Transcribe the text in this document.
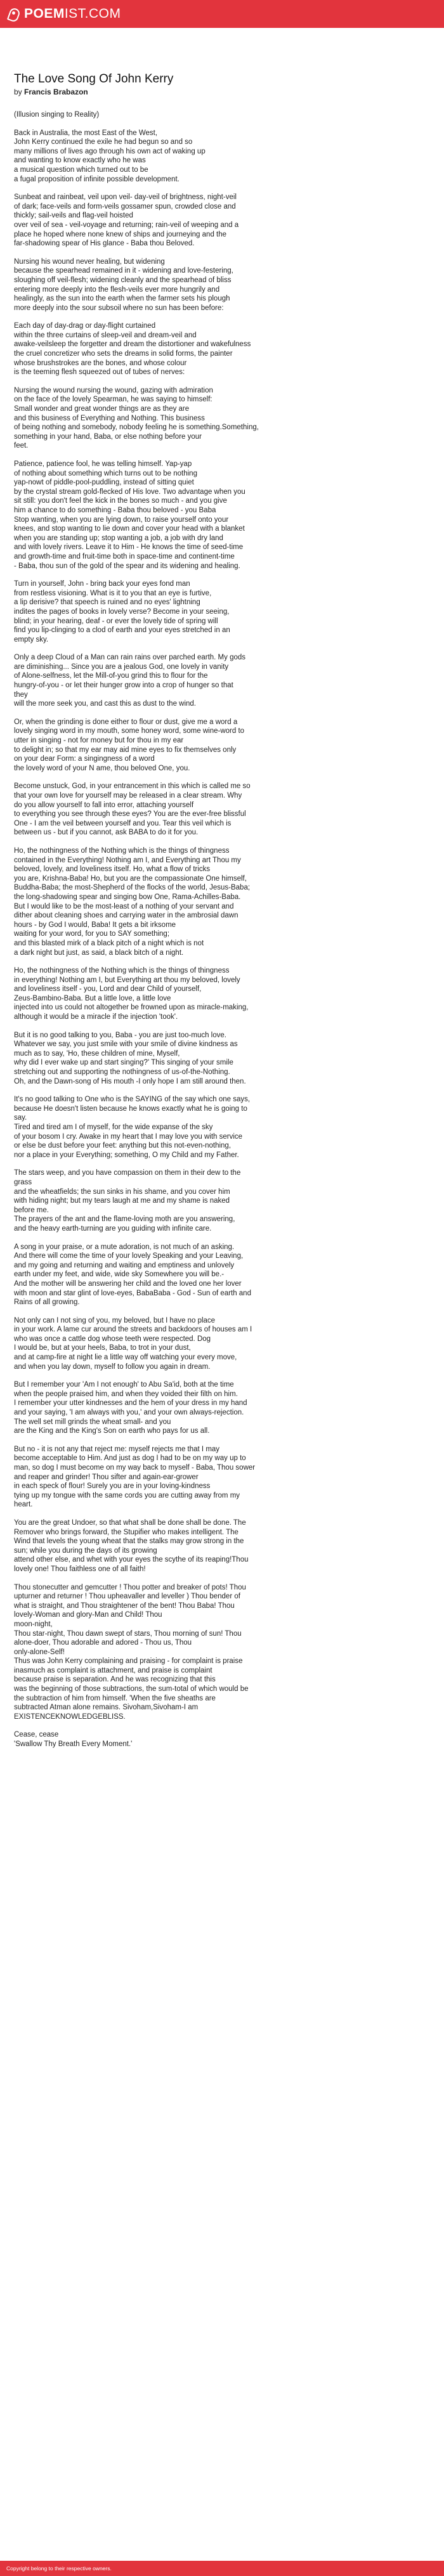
POEMIST.COM
The Love Song Of John Kerry
by Francis Brabazon
(Illusion singing to Reality)
Back in Australia, the most East of the West,
John Kerry continued the exile he had begun so and so
many millions of lives ago through his own act of waking up
and wanting to know exactly who he was
a musical question which turned out to be
a fugal proposition of infinite possible development.
Sunbeat and rainbeat, veil upon veil- day-veil of brightness, night-veil
of dark; face-veils and form-veils gossamer spun, crowded close and
thickly; sail-veils and flag-veil hoisted
over veil of sea - veil-voyage and returning; rain-veil of weeping and a
place he hoped where none knew of ships and journeying and the
far-shadowing spear of His glance - Baba thou Beloved.
Nursing his wound never healing, but widening
because the spearhead remained in it - widening and love-festering,
sloughing off veil-flesh; widening cleanly and the spearhead of bliss
entering more deeply into the flesh-veils ever more hungrily and
healingly, as the sun into the earth when the farmer sets his plough
more deeply into the sour subsoil where no sun has been before:
Each day of day-drag or day-flight curtained
within the three curtains of sleep-veil and dream-veil and
awake-veilsleep the forgetter and dream the distortioner and wakefulness
the cruel concretizer who sets the dreams in solid forms, the painter
whose brushstrokes are the bones, and whose colour
is the teeming flesh squeezed out of tubes of nerves:
Nursing the wound nursing the wound, gazing with admiration
on the face of the lovely Spearman, he was saying to himself:
Small wonder and great wonder things are as they are
and this business of Everything and Nothing. This business
of being nothing and somebody, nobody feeling he is something.Something,
something in your hand, Baba, or else nothing before your
feet.
Patience, patience fool, he was telling himself. Yap-yap
of nothing about something which turns out to be nothing
yap-nowt of piddle-pool-puddling, instead of sitting quiet
by the crystal stream gold-flecked of His love. Two advantage when you
sit still: you don't feel the kick in the bones so much - and you give
him a chance to do something - Baba thou beloved - you Baba
Stop wanting, when you are lying down, to raise yourself onto your
knees, and stop wanting to lie down and cover your head with a blanket
when you are standing up; stop wanting a job, a job with dry land
and with lovely rivers. Leave it to Him - He knows the time of seed-time
and growth-time and fruit-time both in space-time and continent-time
- Baba, thou sun of the gold of the spear and its widening and healing.
Turn in yourself, John - bring back your eyes fond man
from restless visioning. What is it to you that an eye is furtive,
a lip derisive? that speech is ruined and no eyes' lightning
indites the pages of books in lovely verse? Become in your seeing,
blind; in your hearing, deaf - or ever the lovely tide of spring will
find you lip-clinging to a clod of earth and your eyes stretched in an
empty sky.
Only a deep Cloud of a Man can rain rains over parched earth. My gods
are diminishing... Since you are a jealous God, one lovely in vanity
of Alone-selfness, let the Mill-of-you grind this to flour for the
hungry-of-you - or let their hunger grow into a crop of hunger so that
they
will the more seek you, and cast this as dust to the wind.
Or, when the grinding is done either to flour or dust, give me a word a
lovely singing word in my mouth, some honey word, some wine-word to
utter in singing - not for money but for thou in my ear
to delight in; so that my ear may aid mine eyes to fix themselves only
on your dear Form: a singingness of a word
the lovely word of your N ame, thou beloved One, you.
Become unstuck, God, in your entrancement in this which is called me so
that your own love for yourself may be released in a clear stream. Why
do you allow yourself to fall into error, attaching yourself
to everything you see through these eyes? You are the ever-free blissful
One - I am the veil between yourself and you. Tear this veil which is
between us - but if you cannot, ask BABA to do it for you.
Ho, the nothingness of the Nothing which is the things of thingness
contained in the Everything! Nothing am I, and Everything art Thou my
beloved, lovely, and loveliness itself. Ho, what a flow of tricks
you are, Krishna-Baba! Ho, but you are the compassionate One himself,
Buddha-Baba; the most-Shepherd of the flocks of the world, Jesus-Baba;
the long-shadowing spear and singing bow One, Rama-Achilles-Baba.
But I would like to be the most-least of a nothing of your servant and
dither about cleaning shoes and carrying water in the ambrosial dawn
hours - by God I would, Baba! It gets a bit irksome
waiting for your word, for you to SAY something;
and this blasted mirk of a black pitch of a night which is not
a dark night but just, as said, a black bitch of a night.
Ho, the nothingness of the Nothing which is the things of thingness
in everything! Nothing am I, but Everything art thou my beloved, lovely
and loveliness itself - you, Lord and dear Child of yourself,
Zeus-Bambino-Baba. But a little love, a little love
injected into us could not altogether be frowned upon as miracle-making,
although it would be a miracle if the injection 'took'.
But it is no good talking to you, Baba - you are just too-much love.
Whatever we say, you just smile with your smile of divine kindness as
much as to say, 'Ho, these children of mine, Myself,
why did I ever wake up and start singing?' This singing of your smile
stretching out and supporting the nothingness of us-of-the-Nothing.
Oh, and the Dawn-song of His mouth -I only hope I am still around then.
It's no good talking to One who is the SAYING of the say which one says,
because He doesn't listen because he knows exactly what he is going to
say.
Tired and tired am I of myself, for the wide expanse of the sky
of your bosom I cry. Awake in my heart that I may love you with service
or else be dust before your feet: anything but this not-even-nothing,
nor a place in your Everything; something, O my Child and my Father.
The stars weep, and you have compassion on them in their dew to the
grass
and the wheatfields; the sun sinks in his shame, and you cover him
with hiding night; but my tears laugh at me and my shame is naked
before me.
The prayers of the ant and the flame-loving moth are you answering,
and the heavy earth-turning are you guiding with infinite care.
A song in your praise, or a mute adoration, is not much of an asking.
And there will come the time of your lovely Speaking and your Leaving,
and my going and returning and waiting and emptiness and unlovely
earth under my feet, and wide, wide sky Somewhere you will be.-
And the mother will be answering her child and the loved one her lover
with moon and star glint of love-eyes, BabaBaba - God - Sun of earth and
Rains of all growing.
Not only can I not sing of you, my beloved, but I have no place
in your work. A lame cur around the streets and backdoors of houses am I
who was once a cattle dog whose teeth were respected. Dog
I would be, but at your heels, Baba, to trot in your dust,
and at camp-fire at night lie a little way off watching your every move,
and when you lay down, myself to follow you again in dream.
But I remember your 'Am I not enough' to Abu Sa'id, both at the time
when the people praised him, and when they voided their filth on him.
I remember your utter kindnesses and the hem of your dress in my hand
and your saying, 'I am always with you,' and your own always-rejection.
The well set mill grinds the wheat small- and you
are the King and the King's Son on earth who pays for us all.
But no - it is not any that reject me: myself rejects me that I may
become acceptable to Him. And just as dog I had to be on my way up to
man, so dog I must become on my way back to myself - Baba, Thou sower
and reaper and grinder! Thou sifter and again-ear-grower
in each speck of flour! Surely you are in your loving-kindness
tying up my tongue with the same cords you are cutting away from my
heart.
You are the great Undoer, so that what shall be done shall be done. The
Remover who brings forward, the Stupifier who makes intelligent. The
Wind that levels the young wheat that the stalks may grow strong in the
sun; while you during the days of its growing
attend other else, and whet with your eyes the scythe of its reaping!Thou
lovely one! Thou faithless one of all faith!
Thou stonecutter and gemcutter ! Thou potter and breaker of pots! Thou
upturner and returner ! Thou upheavaller and leveller ) Thou bender of
what is straight, and Thou straightener of the bent! Thou Baba! Thou
lovely-Woman and glory-Man and Child! Thou
moon-night,
Thou star-night, Thou dawn swept of stars, Thou morning of sun! Thou
alone-doer, Thou adorable and adored - Thou us, Thou
only-alone-Self!
Thus was John Kerry complaining and praising - for complaint is praise
inasmuch as complaint is attachment, and praise is complaint
because praise is separation. And he was recognizing that this
was the beginning of those subtractions, the sum-total of which would be
the subtraction of him from himself. 'When the five sheaths are
subtracted Atman alone remains. Sivoham,Sivoham-I am
EXISTENCEKNOWLEDGEBLISS.
Cease, cease
'Swallow Thy Breath Every Moment.'
Copyright belong to their respective owners.
